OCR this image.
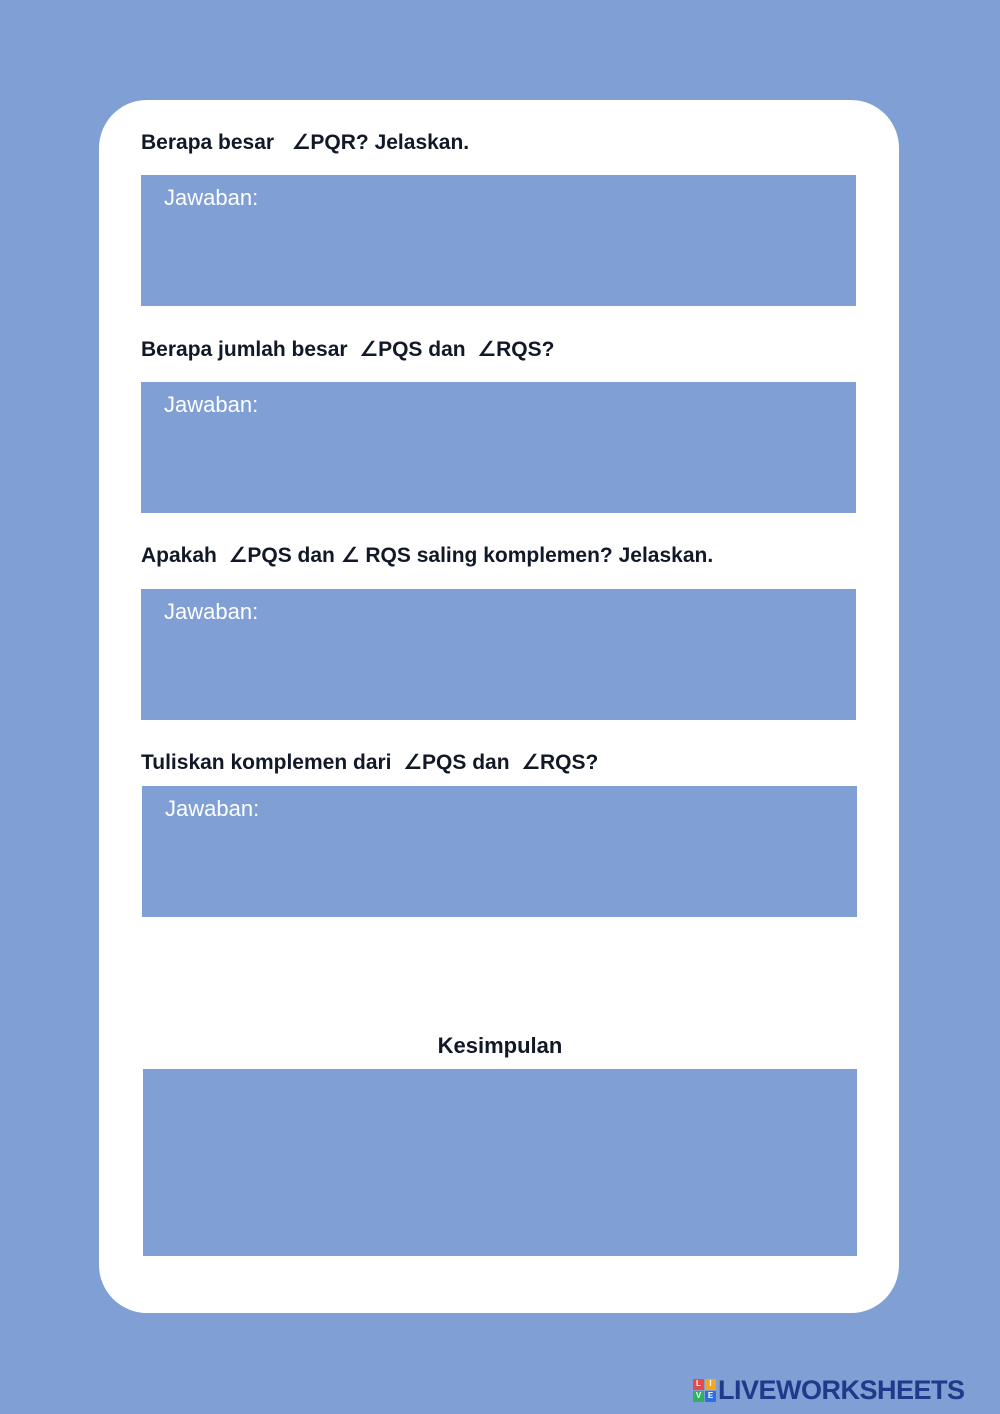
Berapa besar   ∠PQR? Jelaskan.
Jawaban:
Berapa jumlah besar  ∠PQS dan  ∠RQS?
Jawaban:
Apakah  ∠PQS dan ∠ RQS saling komplemen? Jelaskan.
Jawaban:
Tuliskan komplemen dari  ∠PQS dan  ∠RQS?
Jawaban:
Kesimpulan
L	I
V E LIVEWORKSHEETS
